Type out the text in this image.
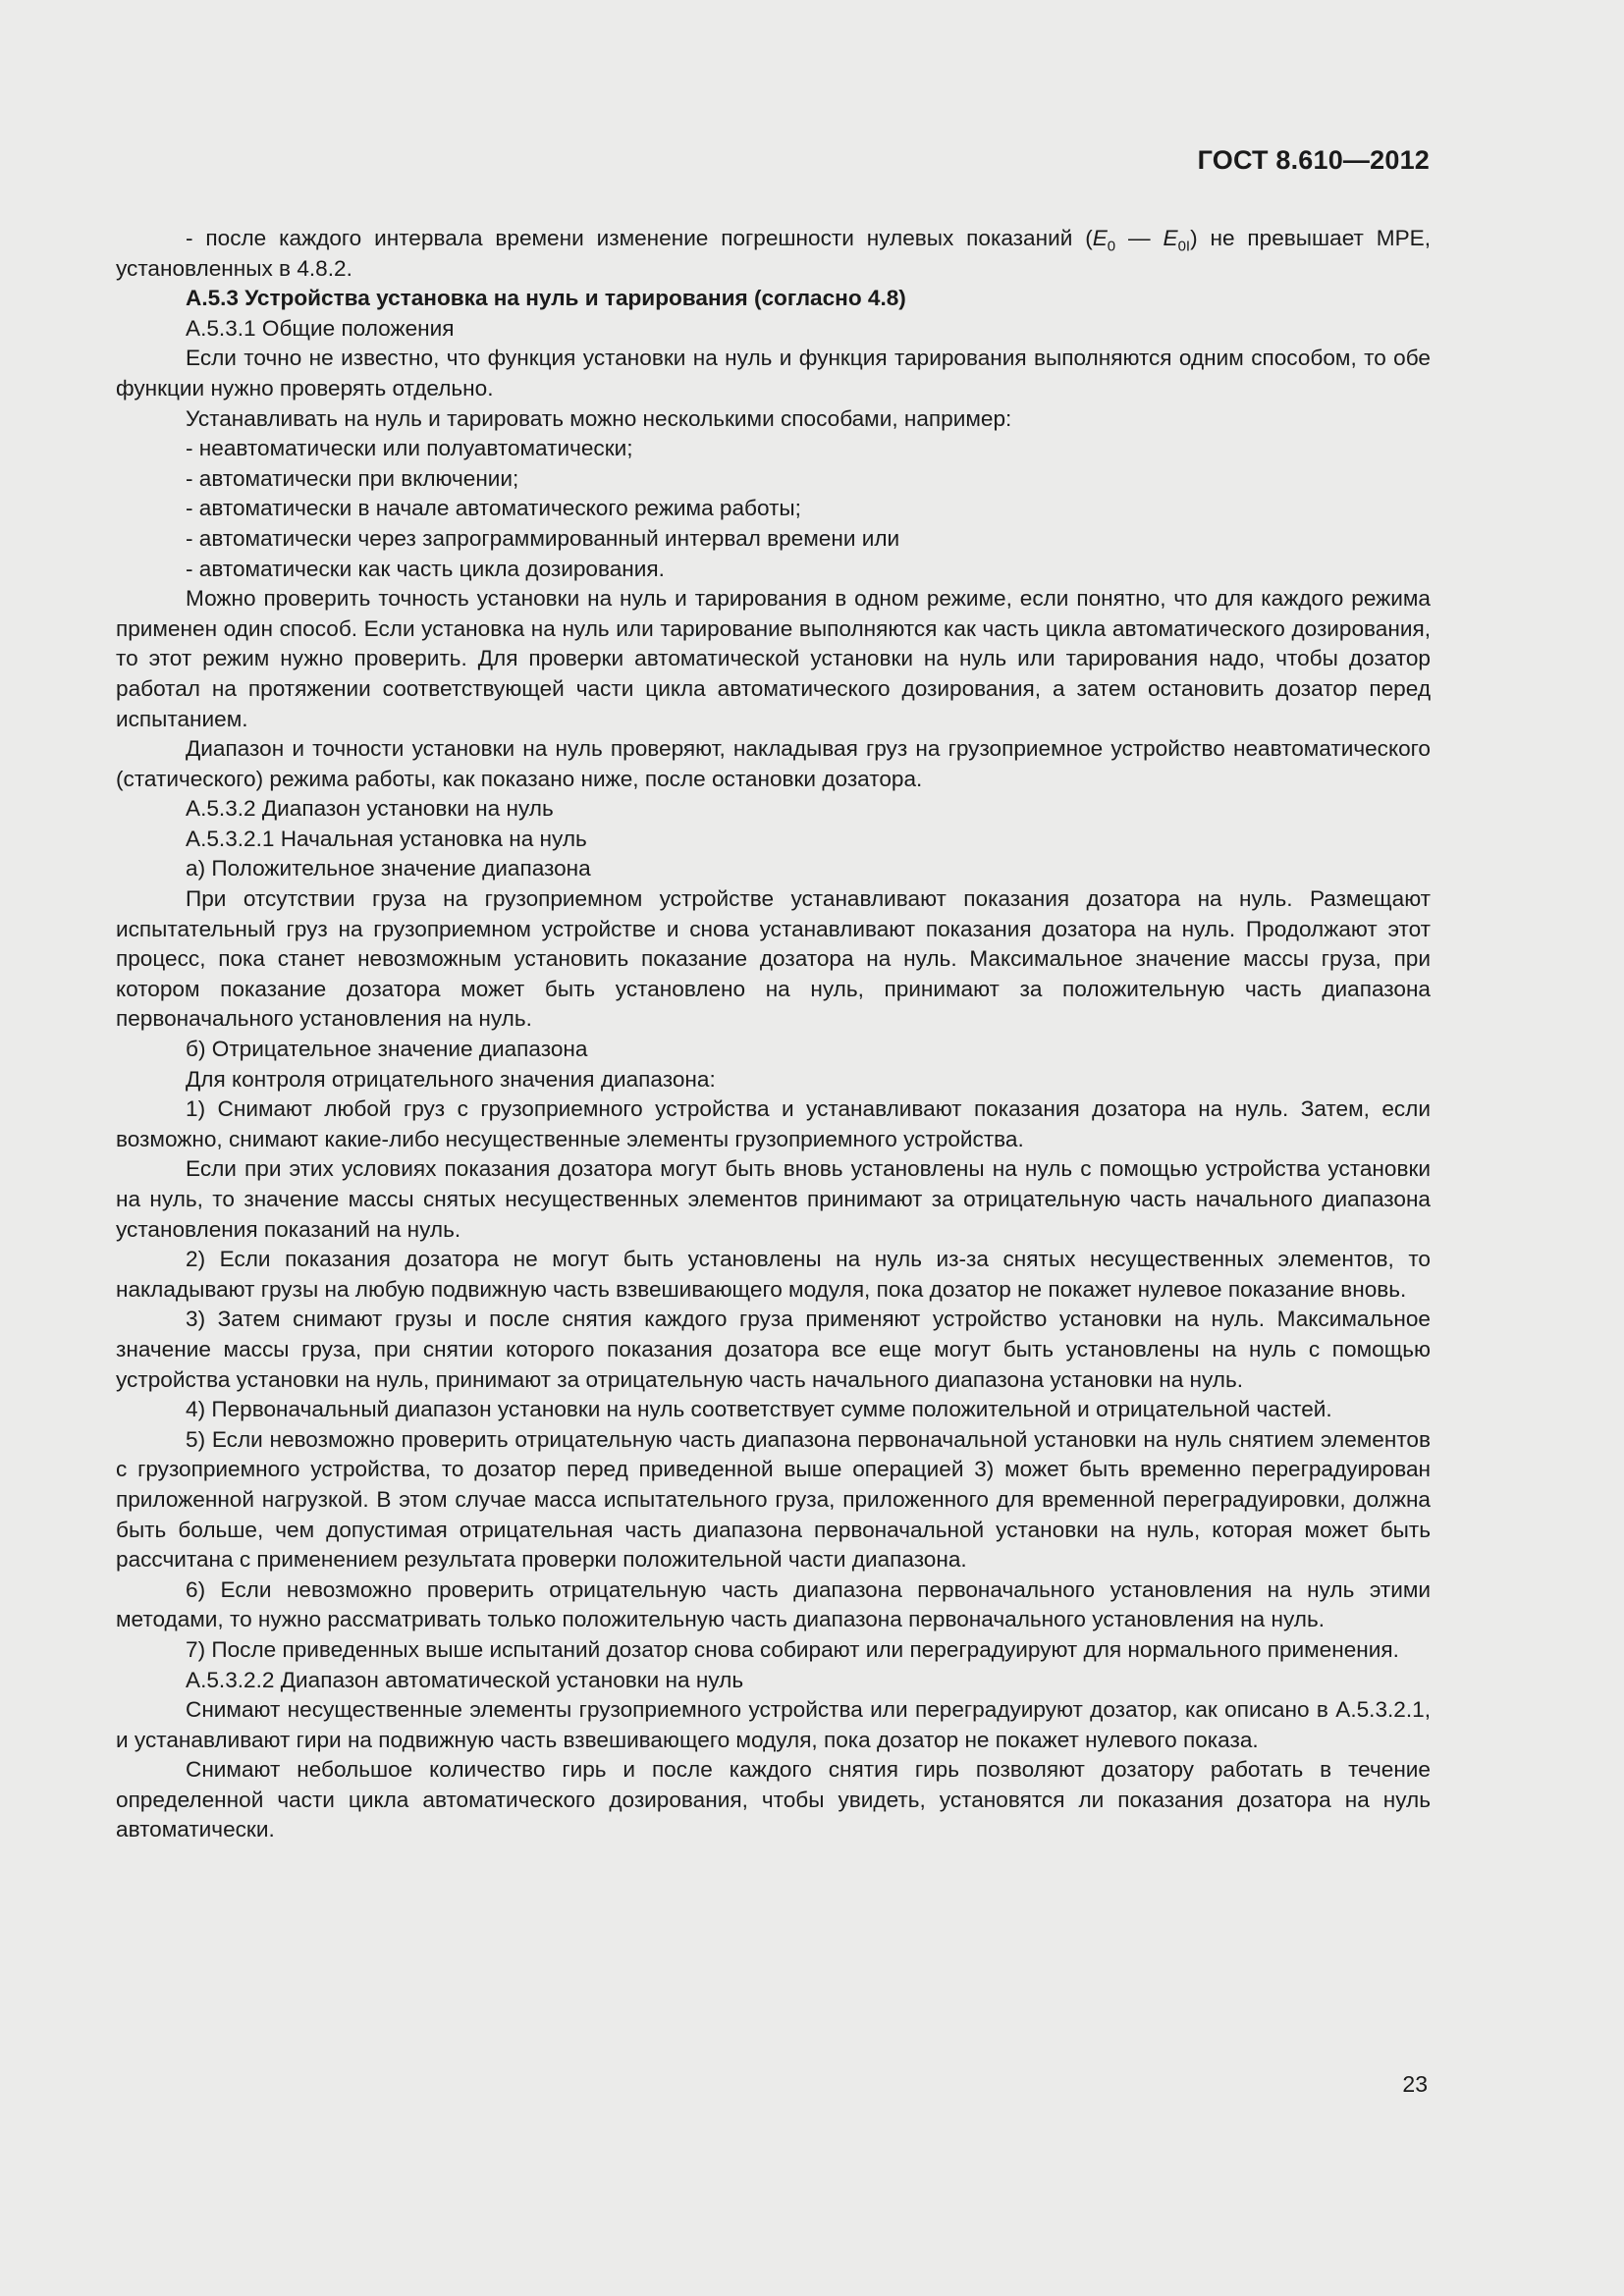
ГОСТ 8.610—2012

- после каждого интервала времени изменение погрешности нулевых показаний ($E_0$ — $E_{0I}$) не превышает MPE, установленных в 4.8.2.

А.5.3 Устройства установка на нуль и тарирования (согласно 4.8)

А.5.3.1 Общие положения

Если точно не известно, что функция установки на нуль и функция тарирования выполняются одним способом, то обе функции нужно проверять отдельно.

Устанавливать на нуль и тарировать можно несколькими способами, например:

- неавтоматически или полуавтоматически;

- автоматически при включении;

- автоматически в начале автоматического режима работы;

- автоматически через запрограммированный интервал времени или

- автоматически как часть цикла дозирования.

Можно проверить точность установки на нуль и тарирования в одном режиме, если понятно, что для каждого режима применен один способ. Если установка на нуль или тарирование выполняются как часть цикла автоматического дозирования, то этот режим нужно проверить. Для проверки автоматической установки на нуль или тарирования надо, чтобы дозатор работал на протяжении соответствующей части цикла автоматического дозирования, а затем остановить дозатор перед испытанием.

Диапазон и точности установки на нуль проверяют, накладывая груз на грузоприемное устройство неавтоматического (статического) режима работы, как показано ниже, после остановки дозатора.

А.5.3.2 Диапазон установки на нуль

А.5.3.2.1 Начальная установка на нуль

а) Положительное значение диапазона

При отсутствии груза на грузоприемном устройстве устанавливают показания дозатора на нуль. Размещают испытательный груз на грузоприемном устройстве и снова устанавливают показания дозатора на нуль. Продолжают этот процесс, пока станет невозможным установить показание дозатора на нуль. Максимальное значение массы груза, при котором показание дозатора может быть установлено на нуль, принимают за положительную часть диапазона первоначального установления на нуль.

б) Отрицательное значение диапазона

Для контроля отрицательного значения диапазона:

1) Снимают любой груз с грузоприемного устройства и устанавливают показания дозатора на нуль. Затем, если возможно, снимают какие-либо несущественные элементы грузоприемного устройства.

Если при этих условиях показания дозатора могут быть вновь установлены на нуль с помощью устройства установки на нуль, то значение массы снятых несущественных элементов принимают за отрицательную часть начального диапазона установления показаний на нуль.

2) Если показания дозатора не могут быть установлены на нуль из-за снятых несущественных элементов, то накладывают грузы на любую подвижную часть взвешивающего модуля, пока дозатор не покажет нулевое показание вновь.

3) Затем снимают грузы и после снятия каждого груза применяют устройство установки на нуль. Максимальное значение массы груза, при снятии которого показания дозатора все еще могут быть установлены на нуль с помощью устройства установки на нуль, принимают за отрицательную часть начального диапазона установки на нуль.

4) Первоначальный диапазон установки на нуль соответствует сумме положительной и отрицательной частей.

5) Если невозможно проверить отрицательную часть диапазона первоначальной установки на нуль снятием элементов с грузоприемного устройства, то дозатор перед приведенной выше операцией 3) может быть временно переградуирован приложенной нагрузкой. В этом случае масса испытательного груза, приложенного для временной переградуировки, должна быть больше, чем допустимая отрицательная часть диапазона первоначальной установки на нуль, которая может быть рассчитана с применением результата проверки положительной части диапазона.

6) Если невозможно проверить отрицательную часть диапазона первоначального установления на нуль этими методами, то нужно рассматривать только положительную часть диапазона первоначального установления на нуль.

7) После приведенных выше испытаний дозатор снова собирают или переградуируют для нормального применения.

А.5.3.2.2 Диапазон автоматической установки на нуль

Снимают несущественные элементы грузоприемного устройства или переградуируют дозатор, как описано в А.5.3.2.1, и устанавливают гири на подвижную часть взвешивающего модуля, пока дозатор не покажет нулевого показа.

Снимают небольшое количество гирь и после каждого снятия гирь позволяют дозатору работать в течение определенной части цикла автоматического дозирования, чтобы увидеть, установятся ли показания дозатора на нуль автоматически.

23
